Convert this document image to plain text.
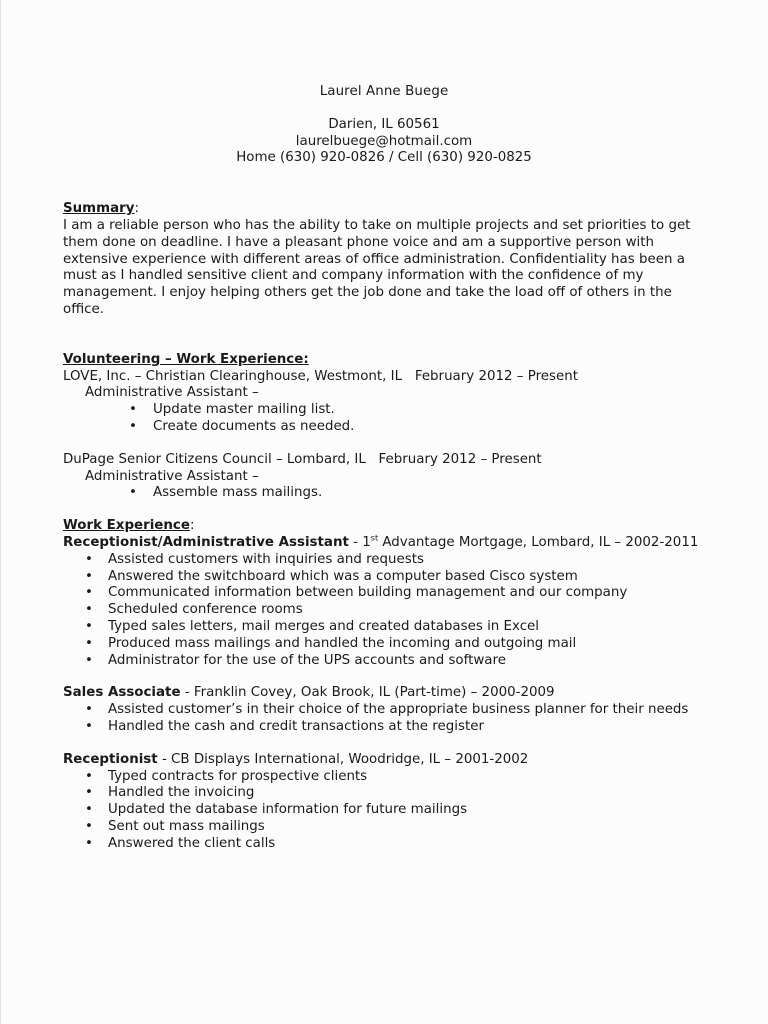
Laurel Anne Buege

Darien, IL 60561

laurelbuege@hotmail.com

Home (630) 920-0826 / Cell (630) 920-0825

Summary:

I am a reliable person who has the ability to take on multiple projects and set priorities to get them done on deadline. I have a pleasant phone voice and am a supportive person with extensive experience with different areas of office administration. Confidentiality has been a must as I handled sensitive client and company information with the confidence of my management. I enjoy helping others get the job done and take the load off of others in the office.

Volunteering – Work Experience:

LOVE, Inc. – Christian Clearinghouse, Westmont, IL   February 2012 – Present

Administrative Assistant –

• Update master mailing list.
• Create documents as needed.

DuPage Senior Citizens Council – Lombard, IL   February 2012 – Present

Administrative Assistant –

• Assemble mass mailings.
Work Experience:

Receptionist/Administrative Assistant - 1st Advantage Mortgage, Lombard, IL – 2002-2011

• Assisted customers with inquiries and requests
• Answered the switchboard which was a computer based Cisco system
• Communicated information between building management and our company
• Scheduled conference rooms
• Typed sales letters, mail merges and created databases in Excel
• Produced mass mailings and handled the incoming and outgoing mail
• Administrator for the use of the UPS accounts and software

Sales Associate - Franklin Covey, Oak Brook, IL (Part-time) – 2000-2009

• Assisted customer’s in their choice of the appropriate business planner for their needs
• Handled the cash and credit transactions at the register

Receptionist - CB Displays International, Woodridge, IL – 2001-2002

• Typed contracts for prospective clients
• Handled the invoicing
• Updated the database information for future mailings
• Sent out mass mailings
• Answered the client calls
